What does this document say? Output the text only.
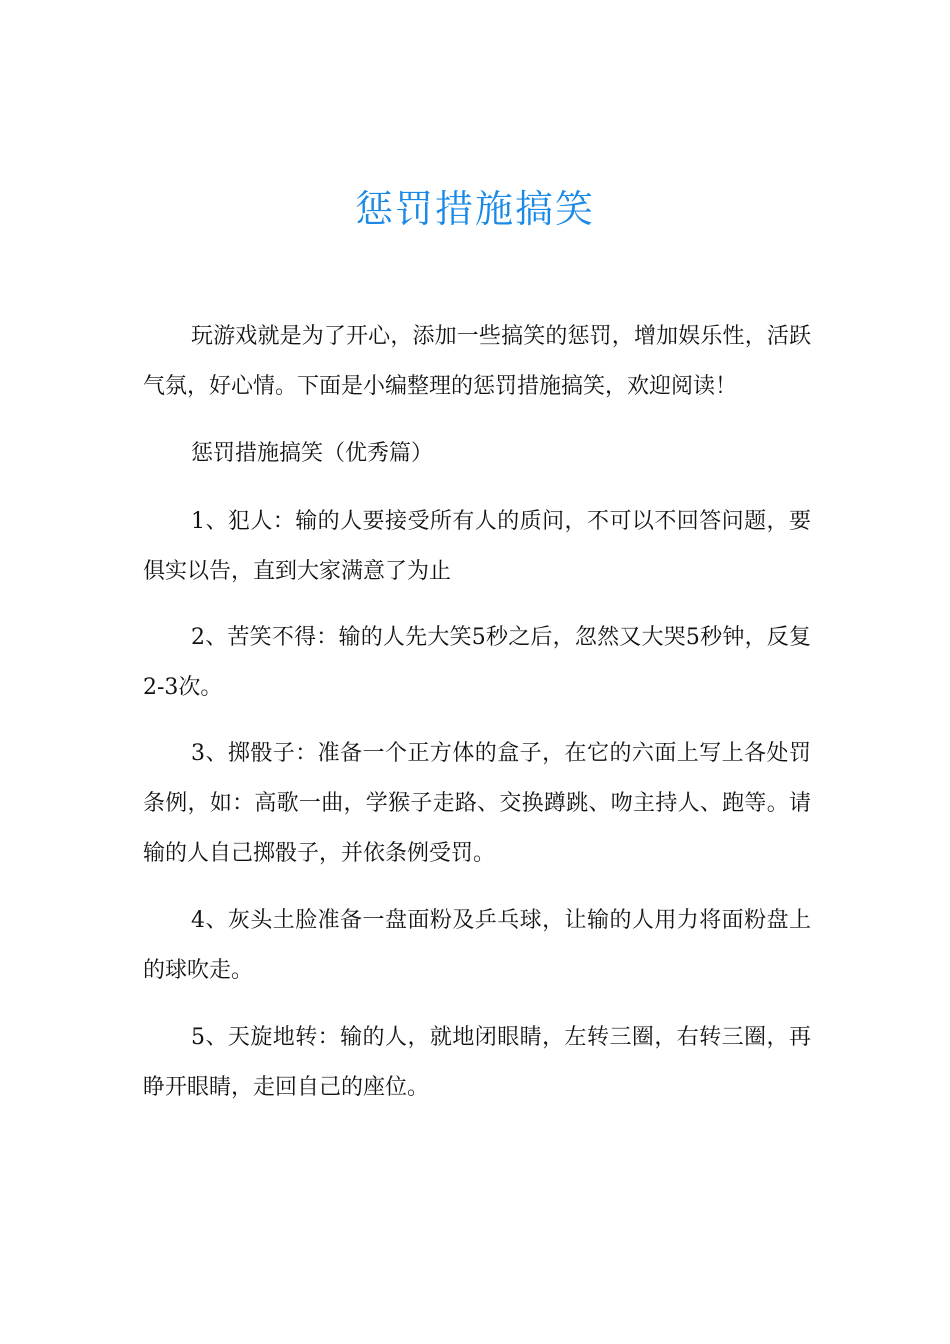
惩罚措施搞笑

玩游戏就是为了开心，添加一些搞笑的惩罚，增加娱乐性，活跃气氛，好心情。下面是小编整理的惩罚措施搞笑，欢迎阅读！

惩罚措施搞笑（优秀篇）

1、犯人：输的人要接受所有人的质问，不可以不回答问题，要俱实以告，直到大家满意了为止

2、苦笑不得：输的人先大笑5秒之后，忽然又大哭5秒钟，反复2-3次。

3、掷骰子：准备一个正方体的盒子，在它的六面上写上各处罚条例，如：高歌一曲，学猴子走路、交换蹲跳、吻主持人、跑等。请输的人自己掷骰子，并依条例受罚。

4、灰头土脸准备一盘面粉及乒乓球，让输的人用力将面粉盘上的球吹走。

5、天旋地转：输的人，就地闭眼睛，左转三圈，右转三圈，再睁开眼睛，走回自己的座位。
